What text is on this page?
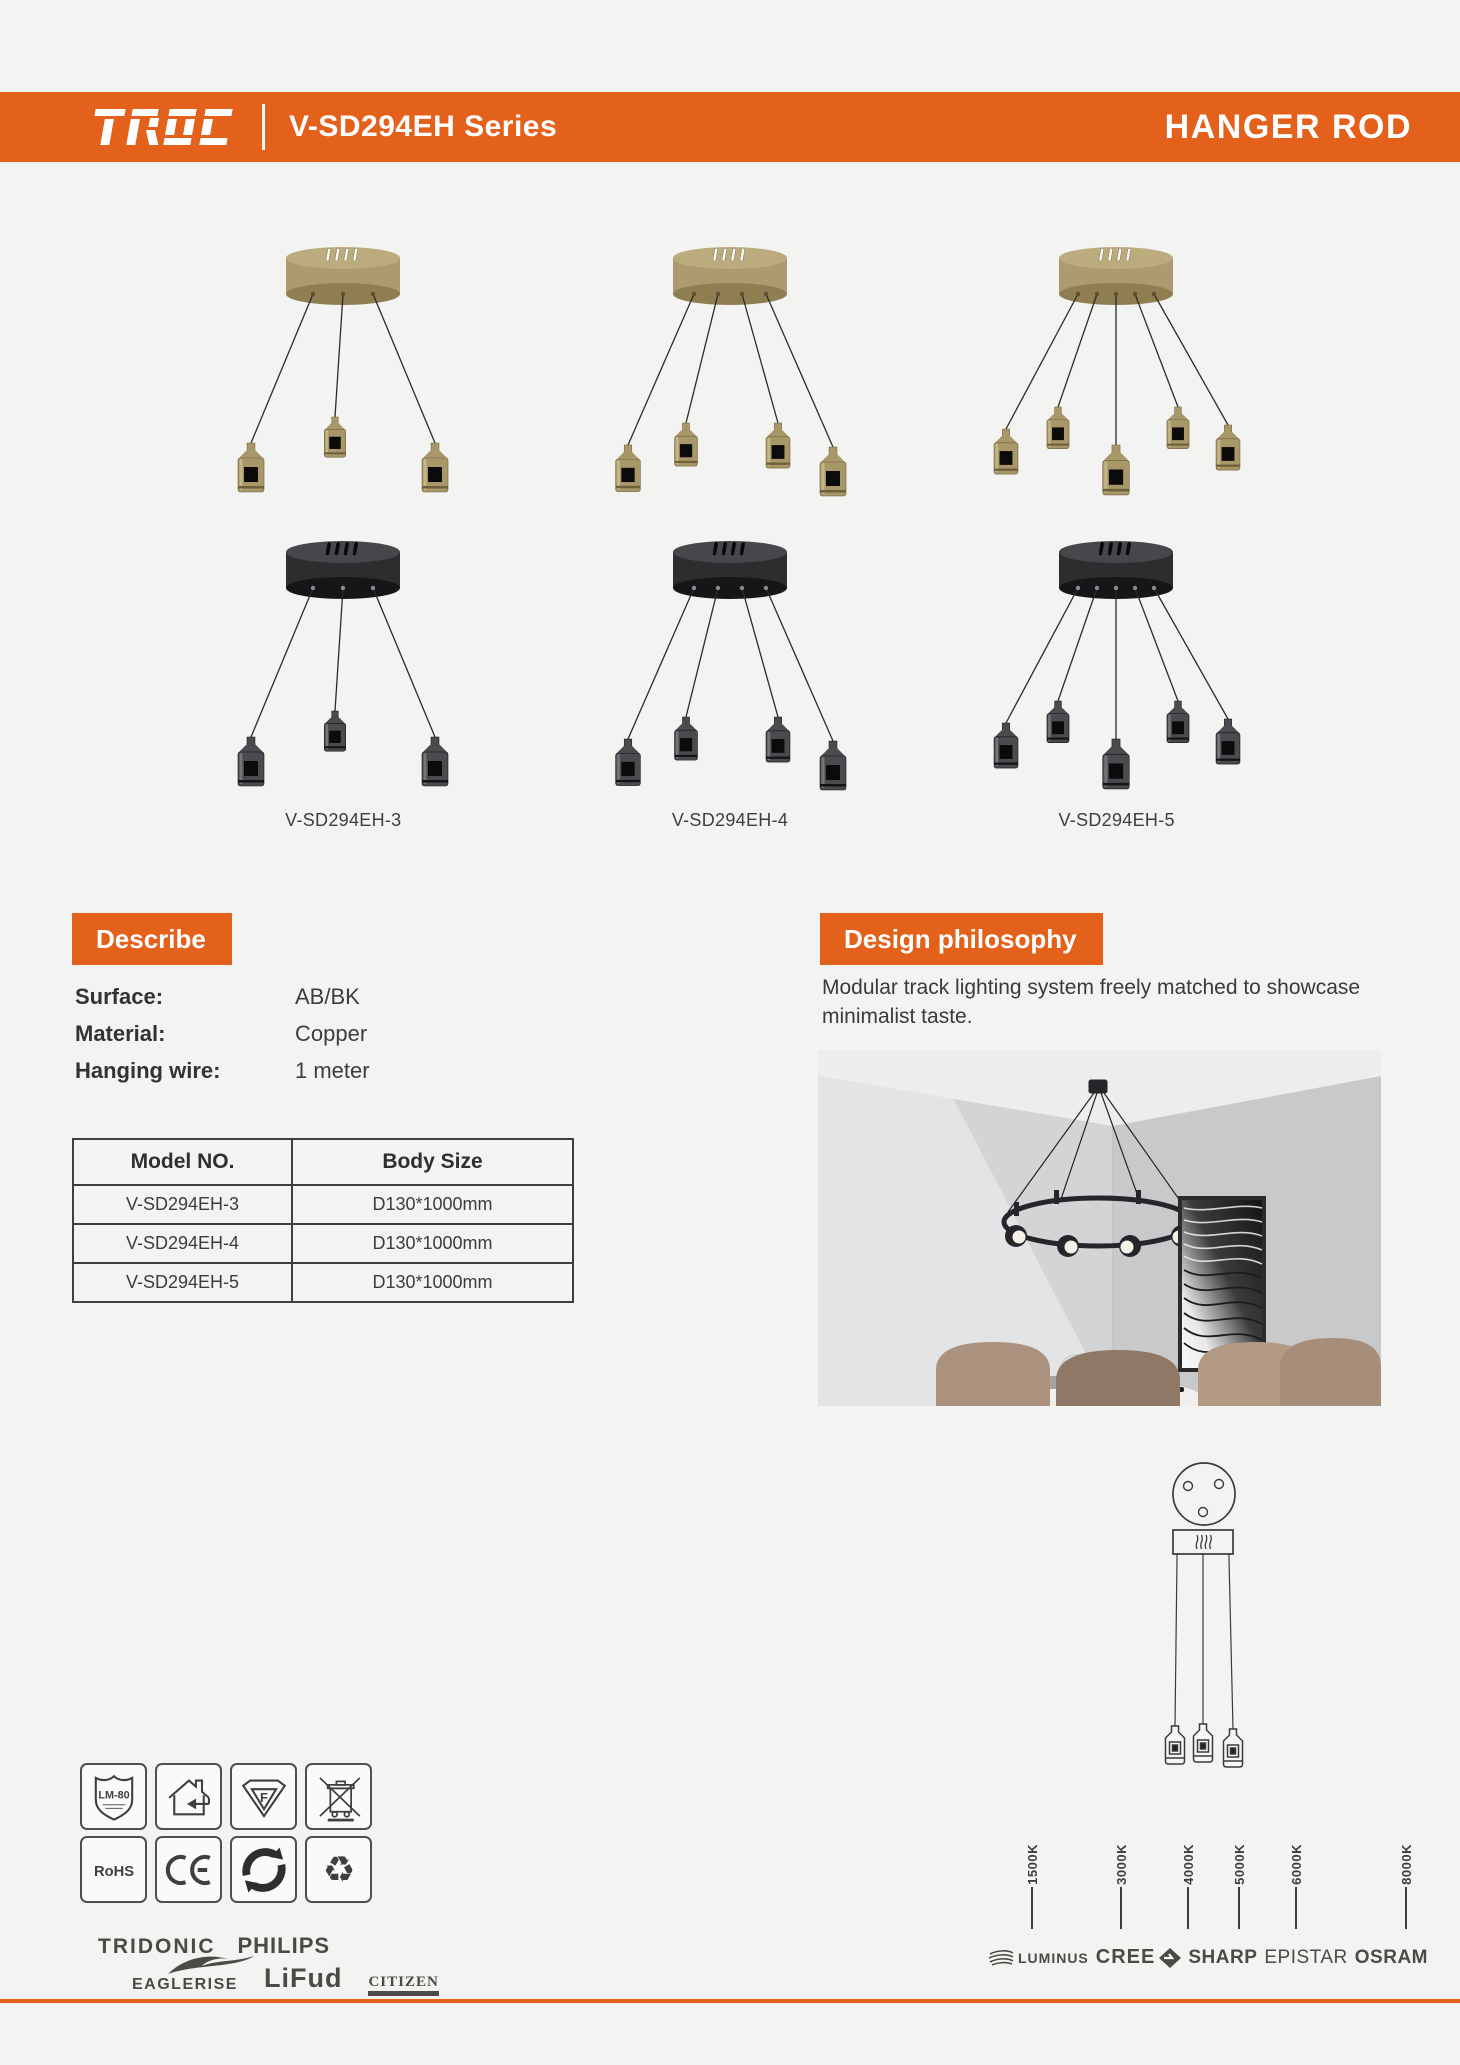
V-SD294EH Series	HANGER ROD
V-SD294EH-3	V-SD294EH-4	V-SD294EH-5
Describe
Surface:	AB/BK
Material:	Copper
Hanging wire:	1 meter
Model NO.	Body Size
V-SD294EH-3	D130*1000mm
V-SD294EH-4	D130*1000mm
V-SD294EH-5	D130*1000mm
Design philosophy
Modular track lighting system freely matched to showcase minimalist taste.
LM-80	F
RoHS	♻
TRIDONIC PHILIPS
EAGLERISE LiFud CITIZEN
1500K	3000K	4000K	5000K	6000K	8000K
LUMINUS CREE SHARP EPISTAR OSRAM
